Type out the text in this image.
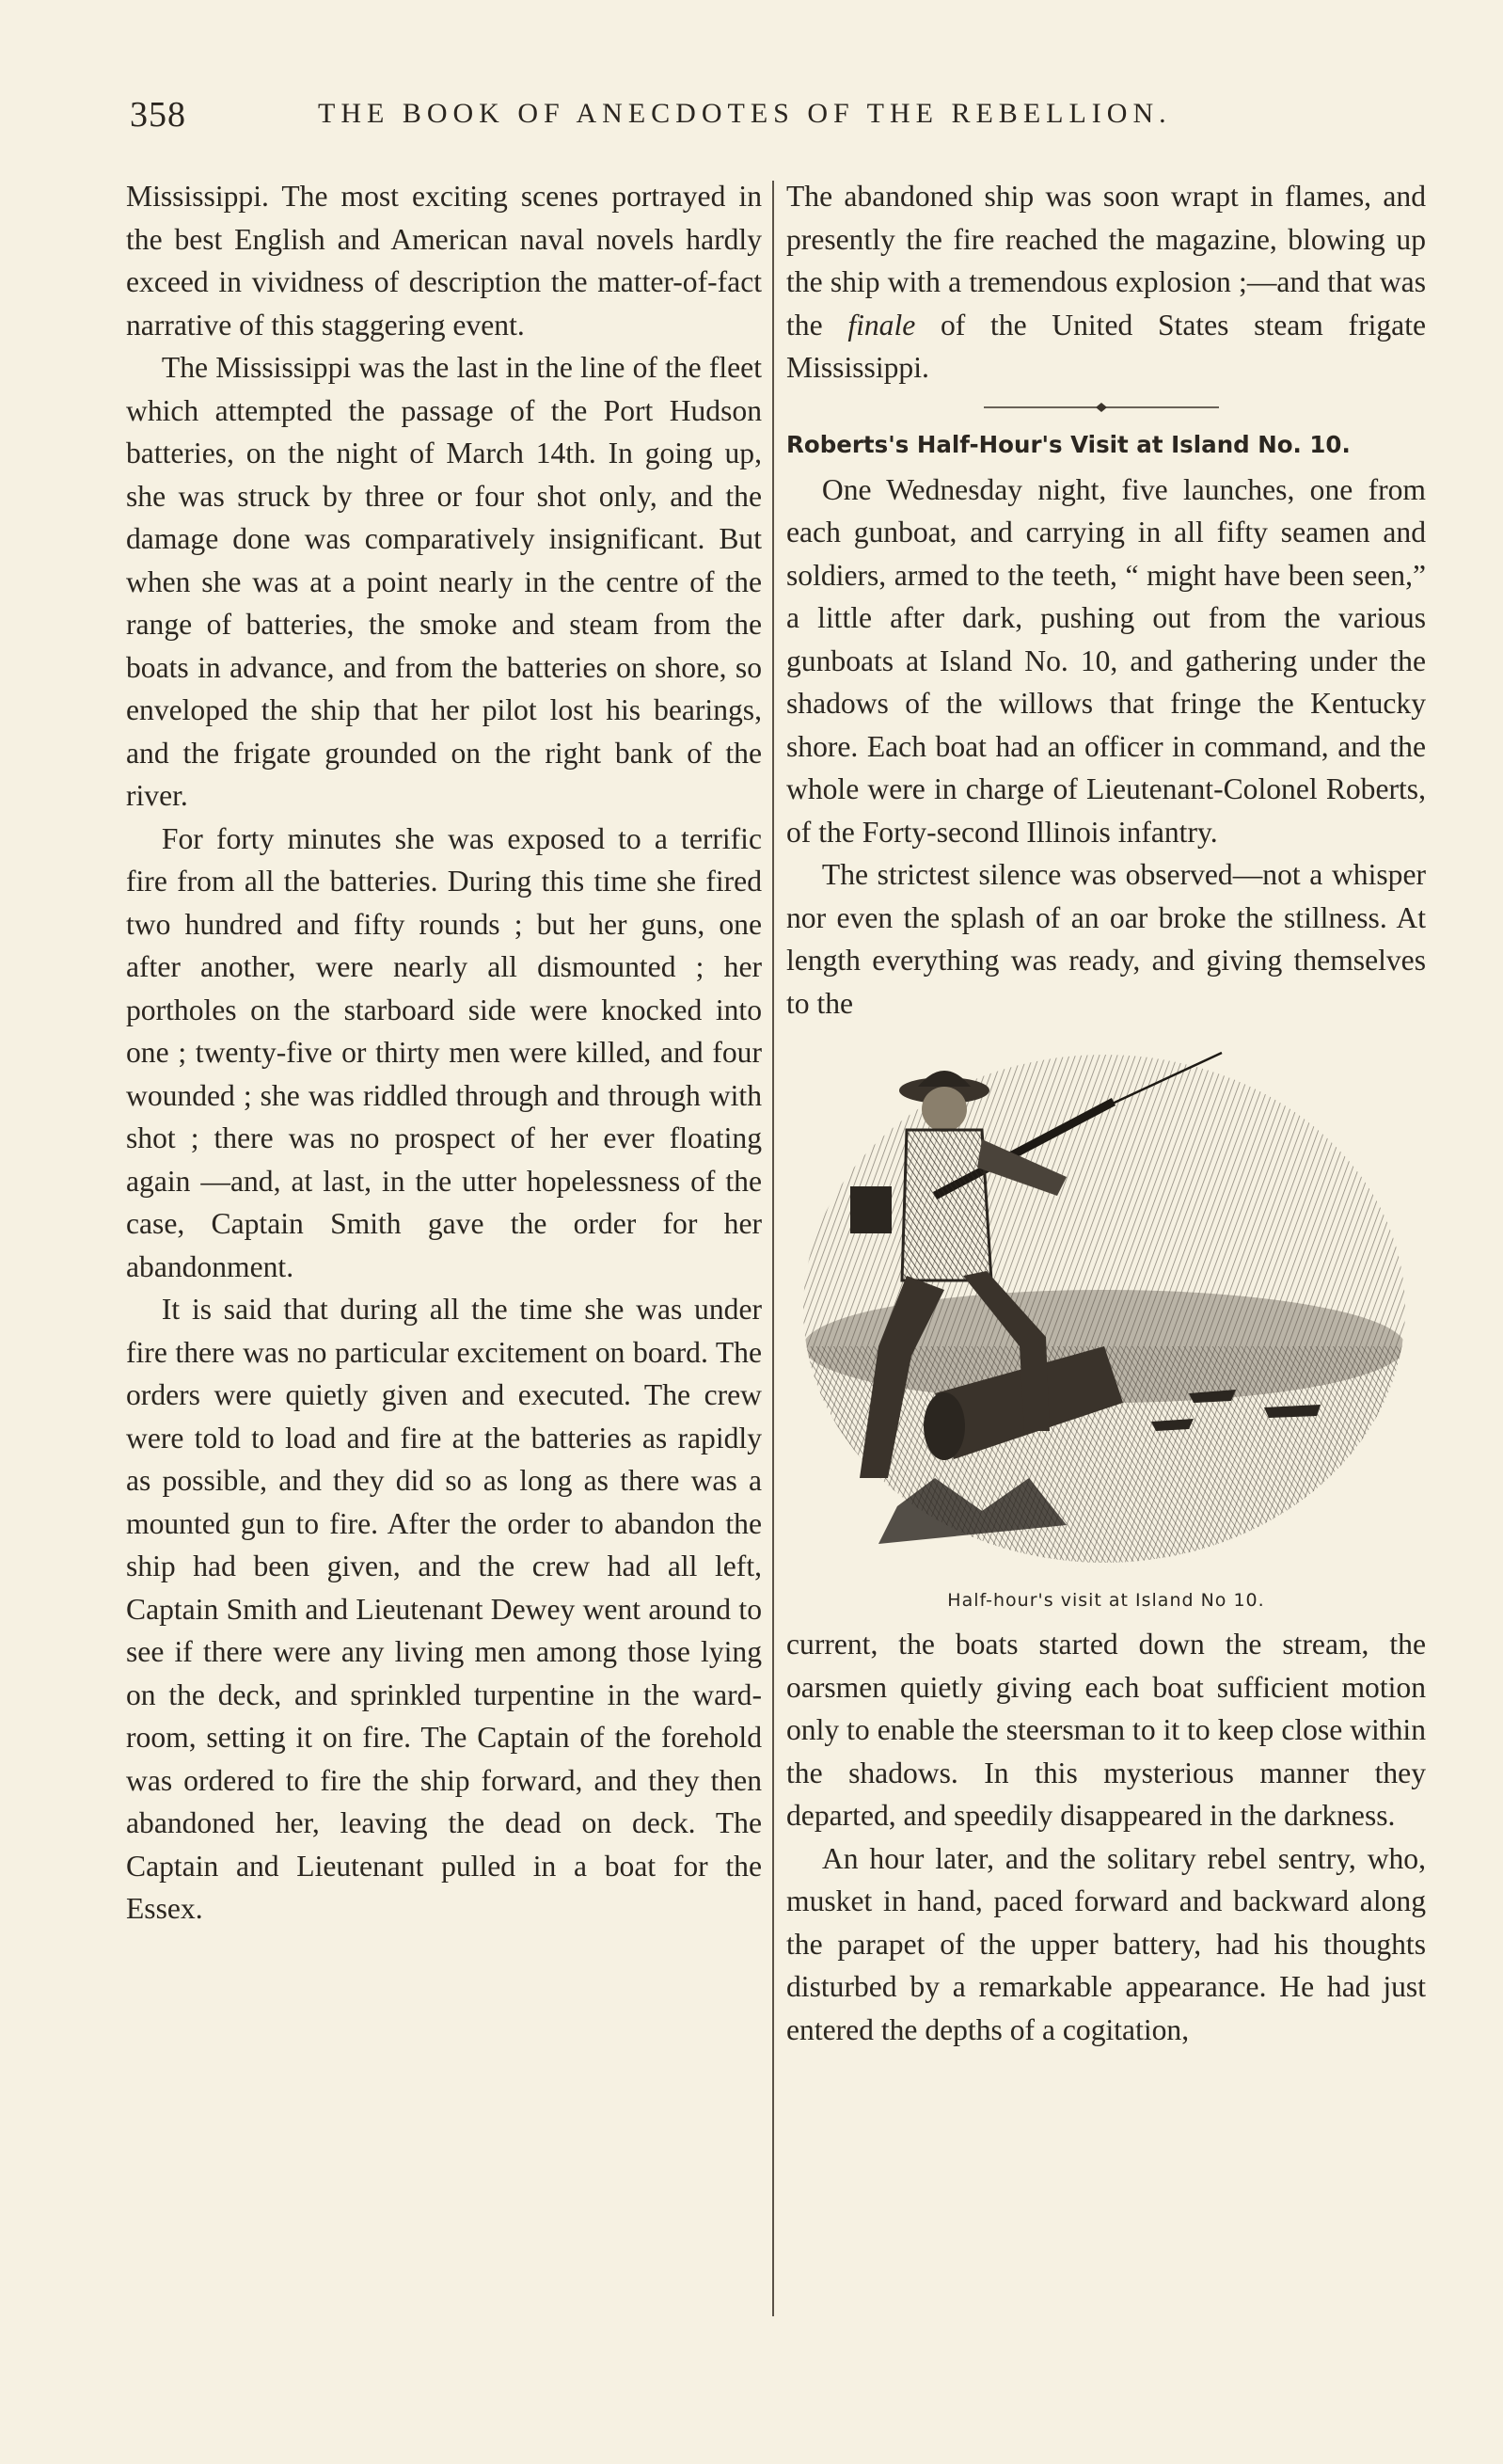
358	THE BOOK OF ANECDOTES OF THE REBELLION.

Mississippi. The most exciting scenes portrayed in the best English and American naval novels hardly exceed in vividness of description the matter-of-fact narrative of this staggering event.

The Mississippi was the last in the line of the fleet which attempted the passage of the Port Hudson batteries, on the night of March 14th. In going up, she was struck by three or four shot only, and the damage done was comparatively insignificant. But when she was at a point nearly in the centre of the range of batteries, the smoke and steam from the boats in advance, and from the batteries on shore, so enveloped the ship that her pilot lost his bearings, and the frigate grounded on the right bank of the river.

For forty minutes she was exposed to a terrific fire from all the batteries. During this time she fired two hundred and fifty rounds ; but her guns, one after another, were nearly all dismounted ; her portholes on the starboard side were knocked into one ; twenty-five or thirty men were killed, and four wounded ; she was riddled through and through with shot ; there was no prospect of her ever floating again —and, at last, in the utter hopelessness of the case, Captain Smith gave the order for her abandonment.

It is said that during all the time she was under fire there was no particular excitement on board. The orders were quietly given and executed. The crew were told to load and fire at the batteries as rapidly as possible, and they did so as long as there was a mounted gun to fire. After the order to abandon the ship had been given, and the crew had all left, Captain Smith and Lieutenant Dewey went around to see if there were any living men among those lying on the deck, and sprinkled turpentine in the ward-room, setting it on fire. The Captain of the forehold was ordered to fire the ship forward, and they then abandoned her, leaving the dead on deck. The Captain and Lieutenant pulled in a boat for the Essex.

The abandoned ship was soon wrapt in flames, and presently the fire reached the magazine, blowing up the ship with a tremendous explosion ;—and that was the finale of the United States steam frigate Mississippi.

Roberts's Half-Hour's Visit at Island No. 10.

One Wednesday night, five launches, one from each gunboat, and carrying in all fifty seamen and soldiers, armed to the teeth, “ might have been seen,” a little after dark, pushing out from the various gunboats at Island No. 10, and gathering under the shadows of the willows that fringe the Kentucky shore. Each boat had an officer in command, and the whole were in charge of Lieutenant-Colonel Roberts, of the Forty-second Illinois infantry.

The strictest silence was observed—not a whisper nor even the splash of an oar broke the stillness. At length everything was ready, and giving themselves to the

Half-hour's visit at Island No 10.

current, the boats started down the stream, the oarsmen quietly giving each boat sufficient motion only to enable the steersman to it to keep close within the shadows. In this mysterious manner they departed, and speedily disappeared in the darkness.

An hour later, and the solitary rebel sentry, who, musket in hand, paced forward and backward along the parapet of the upper battery, had his thoughts disturbed by a remarkable appearance. He had just entered the depths of a cogitation,
